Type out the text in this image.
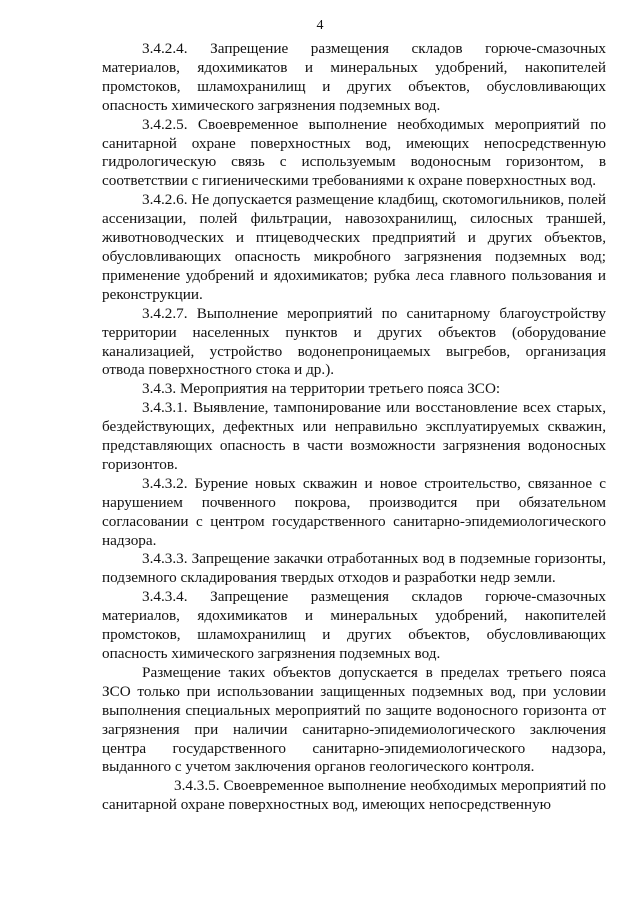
4

3.4.2.4. Запрещение размещения складов горюче-смазочных материалов, ядохимикатов и минеральных удобрений, накопителей промстоков, шламохранилищ и других объектов, обусловливающих опасность химического загрязнения подземных вод.

3.4.2.5. Своевременное выполнение необходимых мероприятий по санитарной охране поверхностных вод, имеющих непосредственную гидрологическую связь с используемым водоносным горизонтом, в соответствии с гигиеническими требованиями к охране поверхностных вод.

3.4.2.6. Не допускается размещение кладбищ, скотомогильников, полей ассенизации, полей фильтрации, навозохранилищ, силосных траншей, животноводческих и птицеводческих предприятий и других объектов, обусловливающих опасность микробного загрязнения подземных вод; применение удобрений и ядохимикатов; рубка леса главного пользования и реконструкции.

3.4.2.7. Выполнение мероприятий по санитарному благоустройству территории населенных пунктов и других объектов (оборудование канализацией, устройство водонепроницаемых выгребов, организация отвода поверхностного стока и др.).

3.4.3. Мероприятия на территории третьего пояса ЗСО:

3.4.3.1. Выявление, тампонирование или восстановление всех старых, бездействующих, дефектных или неправильно эксплуатируемых скважин, представляющих опасность в части возможности загрязнения водоносных горизонтов.

3.4.3.2. Бурение новых скважин и новое строительство, связанное с нарушением почвенного покрова, производится при обязательном согласовании с центром государственного санитарно-эпидемиологического надзора.

3.4.3.3. Запрещение закачки отработанных вод в подземные горизонты, подземного складирования твердых отходов и разработки недр земли.

3.4.3.4. Запрещение размещения складов горюче-смазочных материалов, ядохимикатов и минеральных удобрений, накопителей промстоков, шламохранилищ и других объектов, обусловливающих опасность химического загрязнения подземных вод.

Размещение таких объектов допускается в пределах третьего пояса ЗСО только при использовании защищенных подземных вод, при условии выполнения специальных мероприятий по защите водоносного горизонта от загрязнения при наличии санитарно-эпидемиологического заключения центра государственного санитарно-эпидемиологического надзора, выданного с учетом заключения органов геологического контроля.

3.4.3.5. Своевременное выполнение необходимых мероприятий по санитарной охране поверхностных вод, имеющих непосредственную
